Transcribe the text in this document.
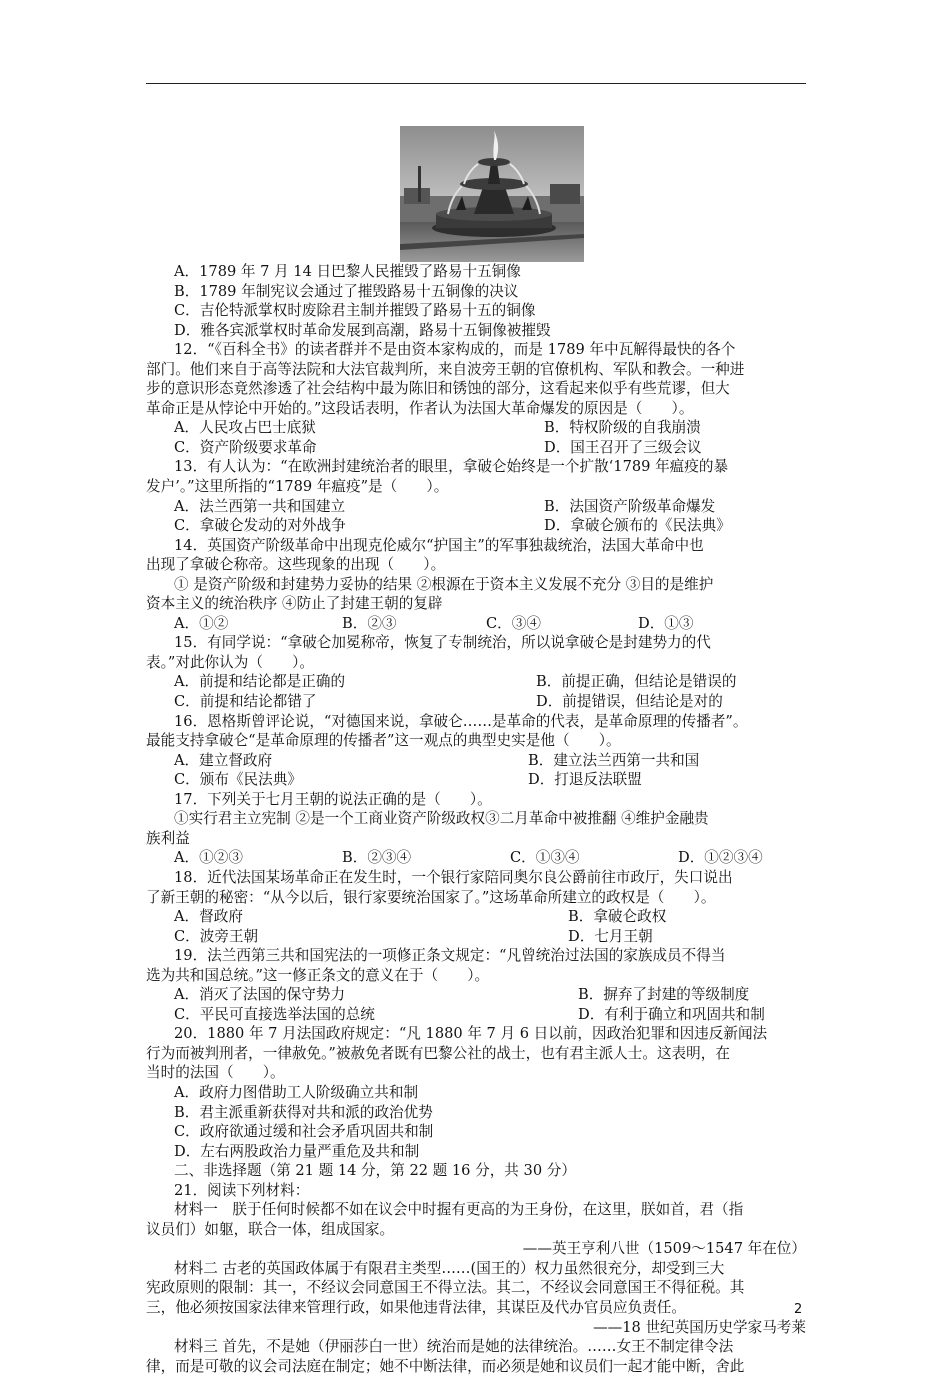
A．1789 年 7 月 14 日巴黎人民摧毁了路易十五铜像
B．1789 年制宪议会通过了摧毁路易十五铜像的决议
C．吉伦特派掌权时废除君主制并摧毁了路易十五的铜像
D．雅各宾派掌权时革命发展到高潮，路易十五铜像被摧毁
12．“《百科全书》的读者群并不是由资本家构成的，而是 1789 年中瓦解得最快的各个
部门。他们来自于高等法院和大法官裁判所，来自波旁王朝的官僚机构、军队和教会。一种进
步的意识形态竟然渗透了社会结构中最为陈旧和锈蚀的部分，这看起来似乎有些荒谬，但大
革命正是从悖论中开始的。”这段话表明，作者认为法国大革命爆发的原因是（　　）。
A．人民攻占巴士底狱	B．特权阶级的自我崩溃
C．资产阶级要求革命	D．国王召开了三级会议
13．有人认为：“在欧洲封建统治者的眼里，拿破仑始终是一个扩散‘1789 年瘟疫的暴
发户’。”这里所指的“1789 年瘟疫”是（　　）。
A．法兰西第一共和国建立	B．法国资产阶级革命爆发
C．拿破仑发动的对外战争	D．拿破仑颁布的《民法典》
14．英国资产阶级革命中出现克伦威尔“护国主”的军事独裁统治，法国大革命中也
出现了拿破仑称帝。这些现象的出现（　　）。
① 是资产阶级和封建势力妥协的结果 ②根源在于资本主义发展不充分 ③目的是维护
资本主义的统治秩序 ④防止了封建王朝的复辟
A．①②	B．②③	C．③④	D．①③
15．有同学说：“拿破仑加冕称帝，恢复了专制统治，所以说拿破仑是封建势力的代
表。”对此你认为（　　）。
A．前提和结论都是正确的	B．前提正确，但结论是错误的
C．前提和结论都错了	D．前提错误，但结论是对的
16．恩格斯曾评论说，“对德国来说，拿破仑……是革命的代表，是革命原理的传播者”。
最能支持拿破仑“是革命原理的传播者”这一观点的典型史实是他（　　）。
A．建立督政府	B．建立法兰西第一共和国
C．颁布《民法典》	D．打退反法联盟
17．下列关于七月王朝的说法正确的是（　　）。
①实行君主立宪制 ②是一个工商业资产阶级政权③二月革命中被推翻 ④维护金融贵
族利益
A．①②③	B．②③④	C．①③④	D．①②③④
18．近代法国某场革命正在发生时，一个银行家陪同奥尔良公爵前往市政厅，失口说出
了新王朝的秘密：“从今以后，银行家要统治国家了。”这场革命所建立的政权是（　　）。
A．督政府	B．拿破仑政权
C．波旁王朝	D．七月王朝
19．法兰西第三共和国宪法的一项修正条文规定：“凡曾统治过法国的家族成员不得当
选为共和国总统。”这一修正条文的意义在于（　　）。
A．消灭了法国的保守势力	B．摒弃了封建的等级制度
C．平民可直接选举法国的总统	D．有利于确立和巩固共和制
20．1880 年 7 月法国政府规定：“凡 1880 年 7 月 6 日以前，因政治犯罪和因违反新闻法
行为而被判刑者，一律赦免。”被赦免者既有巴黎公社的战士，也有君主派人士。这表明，在
当时的法国（　　）。
A．政府力图借助工人阶级确立共和制
B．君主派重新获得对共和派的政治优势
C．政府欲通过缓和社会矛盾巩固共和制
D．左右两股政治力量严重危及共和制
二、非选择题（第 21 题 14 分，第 22 题 16 分，共 30 分）
21．阅读下列材料：
材料一　朕于任何时候都不如在议会中时握有更高的为王身份，在这里，朕如首，君（指
议员们）如躯，联合一体，组成国家。
——英王亨利八世（1509～1547 年在位）
材料二 古老的英国政体属于有限君主类型……(国王的）权力虽然很充分，却受到三大
宪政原则的限制：其一，不经议会同意国王不得立法。其二，不经议会同意国王不得征税。其
三，他必须按国家法律来管理行政，如果他违背法律，其谋臣及代办官员应负责任。
——18 世纪英国历史学家马考莱
材料三 首先，不是她（伊丽莎白一世）统治而是她的法律统治。……女王不制定律令法
律，而是可敬的议会司法庭在制定；她不中断法律，而必须是她和议员们一起才能中断，舍此
2
